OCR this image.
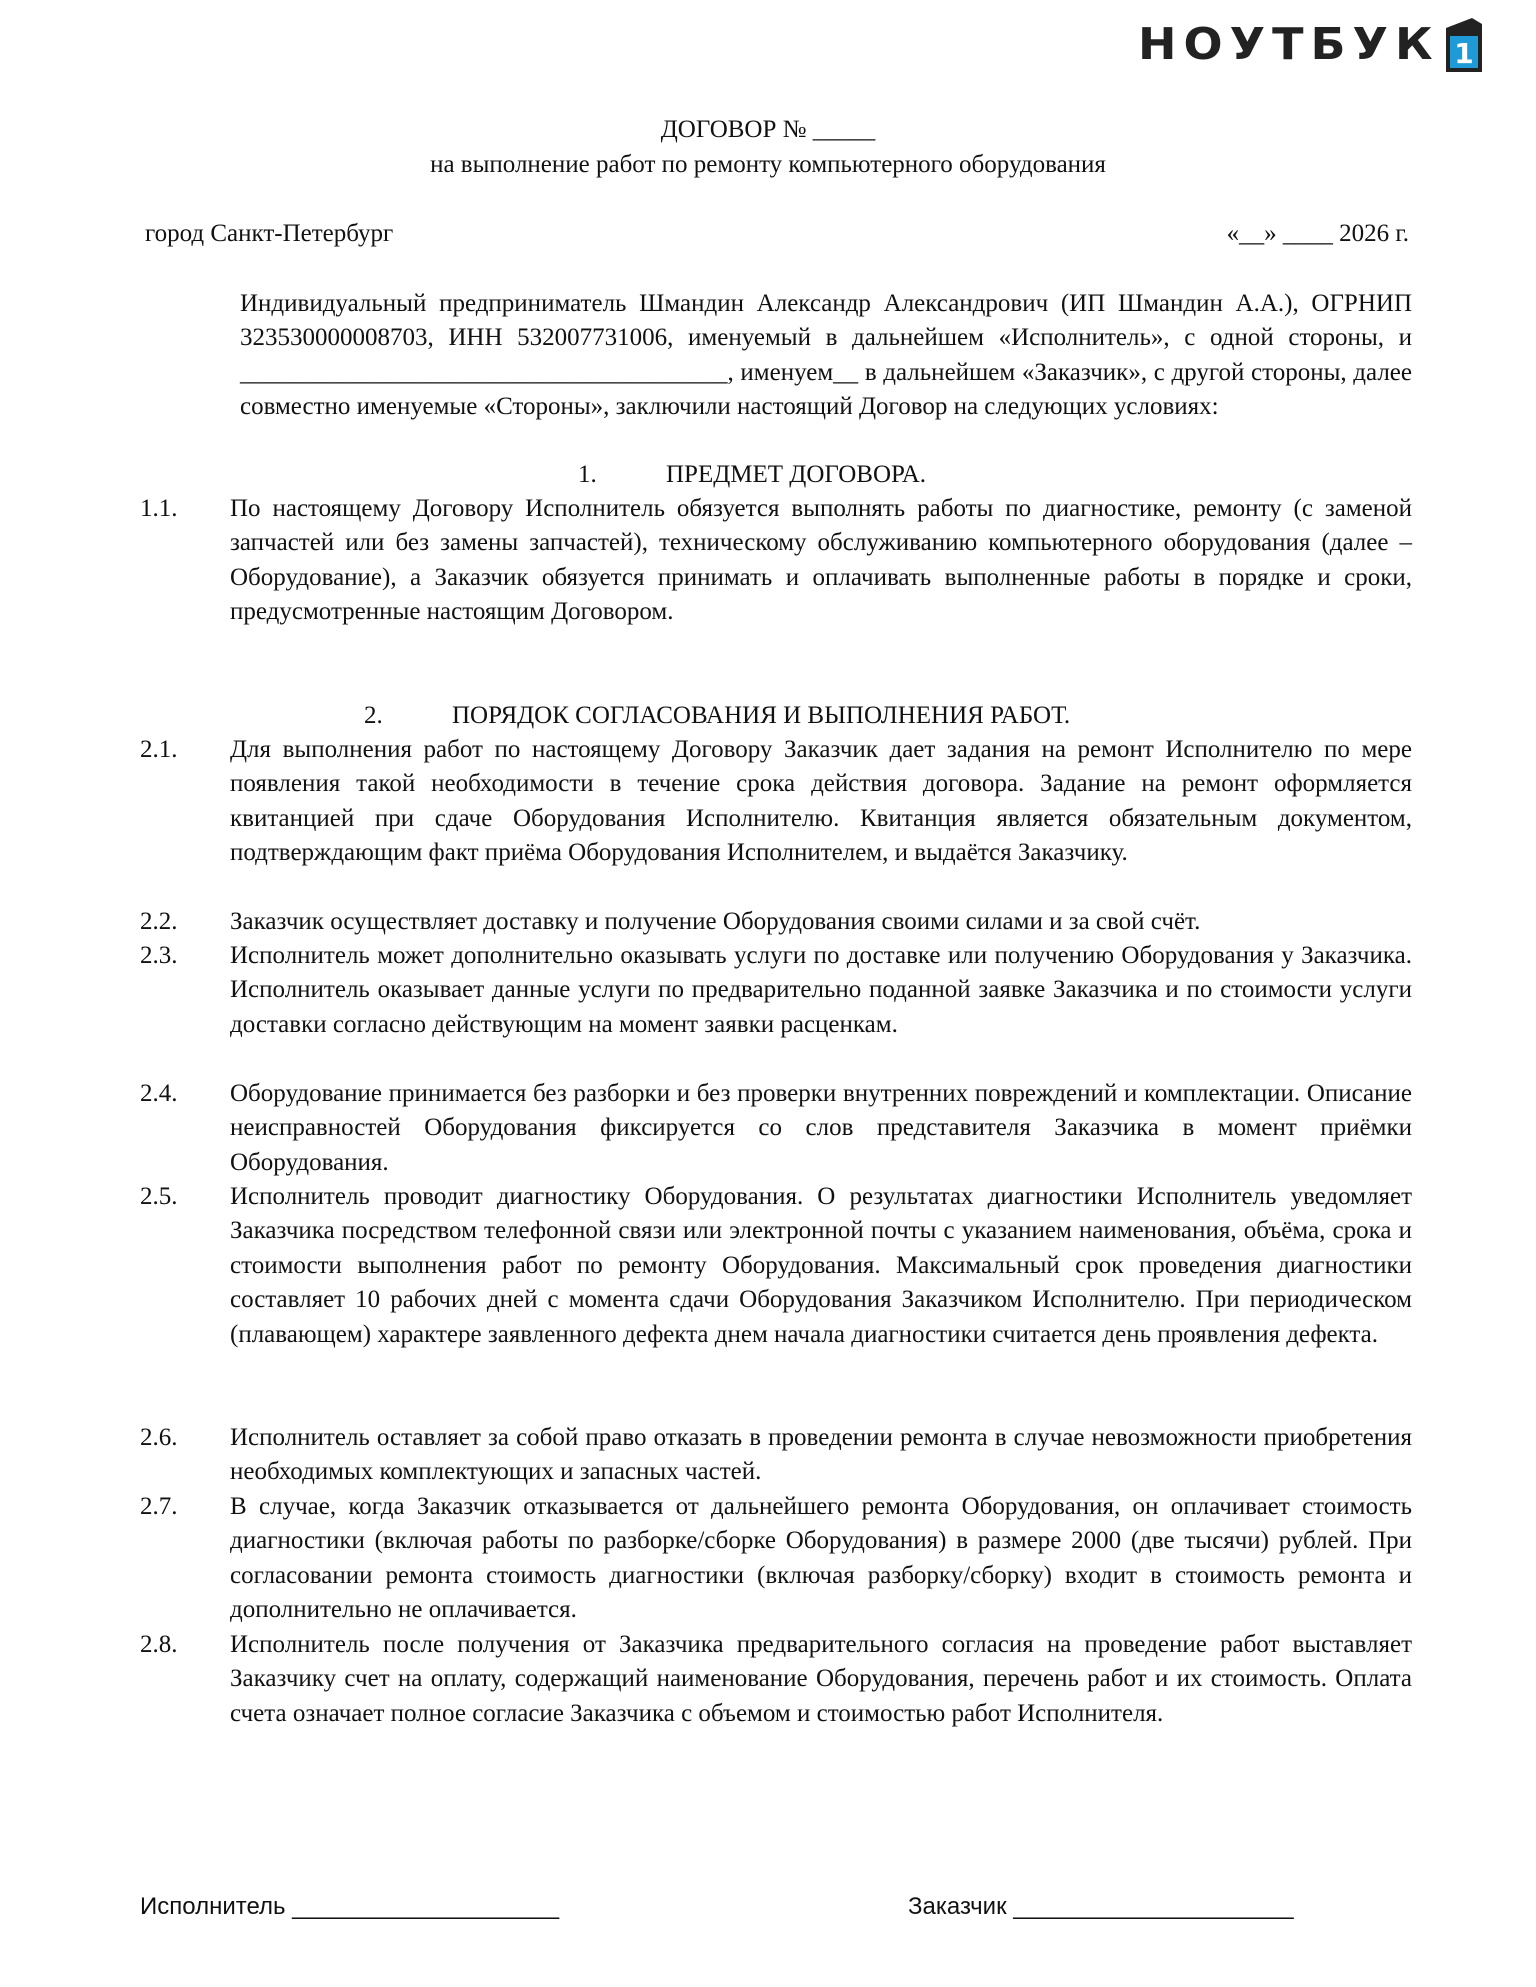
НОУТБУК 1
ДОГОВОР № _____
на выполнение работ по ремонту компьютерного оборудования
город Санкт-Петербург	«__» ____ 2026 г.
Индивидуальный предприниматель Шмандин Александр Александрович (ИП Шмандин А.А.), ОГРНИП 323530000008703, ИНН 532007731006, именуемый в дальнейшем «Исполнитель», с одной стороны, и _______________________________________, именуем__ в дальнейшем «Заказчик», с другой стороны, далее совместно именуемые «Стороны», заключили настоящий Договор на следующих условиях:
1.	ПРЕДМЕТ ДОГОВОРА.
1.1.	По настоящему Договору Исполнитель обязуется выполнять работы по диагностике, ремонту (с заменой запчастей или без замены запчастей), техническому обслуживанию компьютерного оборудования (далее – Оборудование), а Заказчик обязуется принимать и оплачивать выполненные работы в порядке и сроки, предусмотренные настоящим Договором.
2.	ПОРЯДОК СОГЛАСОВАНИЯ И ВЫПОЛНЕНИЯ РАБОТ.
2.1.	Для выполнения работ по настоящему Договору Заказчик дает задания на ремонт Исполнителю по мере появления такой необходимости в течение срока действия договора. Задание на ремонт оформляется квитанцией при сдаче Оборудования Исполнителю. Квитанция является обязательным документом, подтверждающим факт приёма Оборудования Исполнителем, и выдаётся Заказчику.
2.2.	Заказчик осуществляет доставку и получение Оборудования своими силами и за свой счёт.
2.3.	Исполнитель может дополнительно оказывать услуги по доставке или получению Оборудования у Заказчика. Исполнитель оказывает данные услуги по предварительно поданной заявке Заказчика и по стоимости услуги доставки согласно действующим на момент заявки расценкам.
2.4.	Оборудование принимается без разборки и без проверки внутренних повреждений и комплектации. Описание неисправностей Оборудования фиксируется со слов представителя Заказчика в момент приёмки Оборудования.
2.5.	Исполнитель проводит диагностику Оборудования. О результатах диагностики Исполнитель уведомляет Заказчика посредством телефонной связи или электронной почты с указанием наименования, объёма, срока и стоимости выполнения работ по ремонту Оборудования. Максимальный срок проведения диагностики составляет 10 рабочих дней с момента сдачи Оборудования Заказчиком Исполнителю. При периодическом (плавающем) характере заявленного дефекта днем начала диагностики считается день проявления дефекта.
2.6.	Исполнитель оставляет за собой право отказать в проведении ремонта в случае невозможности приобретения необходимых комплектующих и запасных частей.
2.7.	В случае, когда Заказчик отказывается от дальнейшего ремонта Оборудования, он оплачивает стоимость диагностики (включая работы по разборке/сборке Оборудования) в размере 2000 (две тысячи) рублей. При согласовании ремонта стоимость диагностики (включая разборку/сборку) входит в стоимость ремонта и дополнительно не оплачивается.
2.8.	Исполнитель после получения от Заказчика предварительного согласия на проведение работ выставляет Заказчику счет на оплату, содержащий наименование Оборудования, перечень работ и их стоимость. Оплата счета означает полное согласие Заказчика с объемом и стоимостью работ Исполнителя.
Исполнитель ____________________	Заказчик _____________________
